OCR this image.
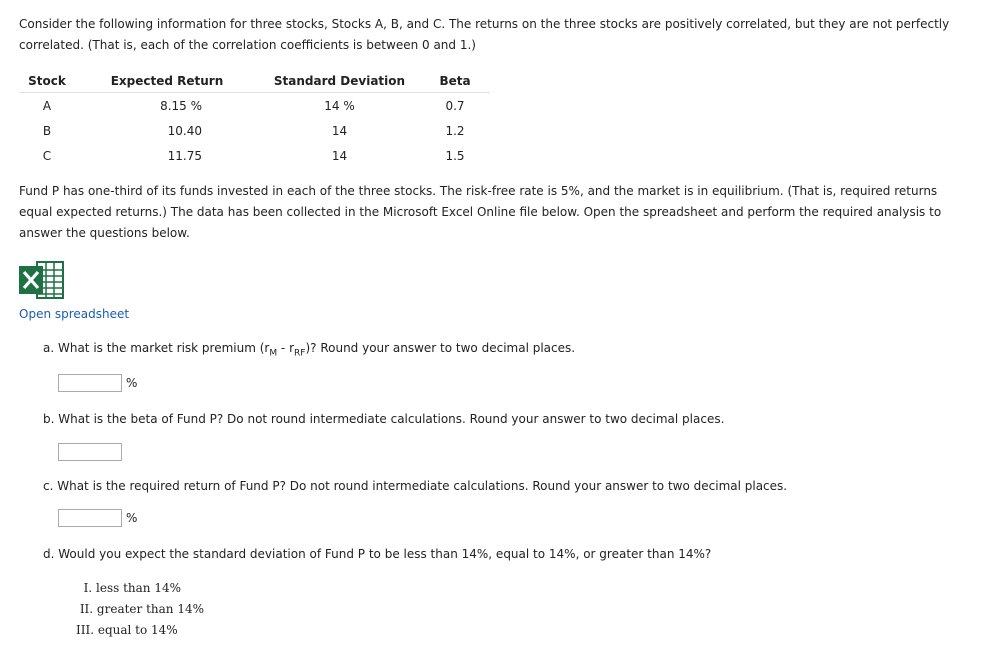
Consider the following information for three stocks, Stocks A, B, and C. The returns on the three stocks are positively correlated, but they are not perfectly correlated. (That is, each of the correlation coefficients is between 0 and 1.)

Stock	Expected Return	Standard Deviation	Beta
A	8.15 %	14 %	0.7
B	10.40	14	1.2
C	11.75	14	1.5

Fund P has one-third of its funds invested in each of the three stocks. The risk-free rate is 5%, and the market is in equilibrium. (That is, required returns equal expected returns.) The data has been collected in the Microsoft Excel Online file below. Open the spreadsheet and perform the required analysis to answer the questions below.

Open spreadsheet

a. What is the market risk premium $(r_M - r_{RF})$? Round your answer to two decimal places.

%

b. What is the beta of Fund P? Do not round intermediate calculations. Round your answer to two decimal places.

c. What is the required return of Fund P? Do not round intermediate calculations. Round your answer to two decimal places.

%

d. Would you expect the standard deviation of Fund P to be less than 14%, equal to 14%, or greater than 14%?

I. less than 14%
II. greater than 14%
III. equal to 14%
